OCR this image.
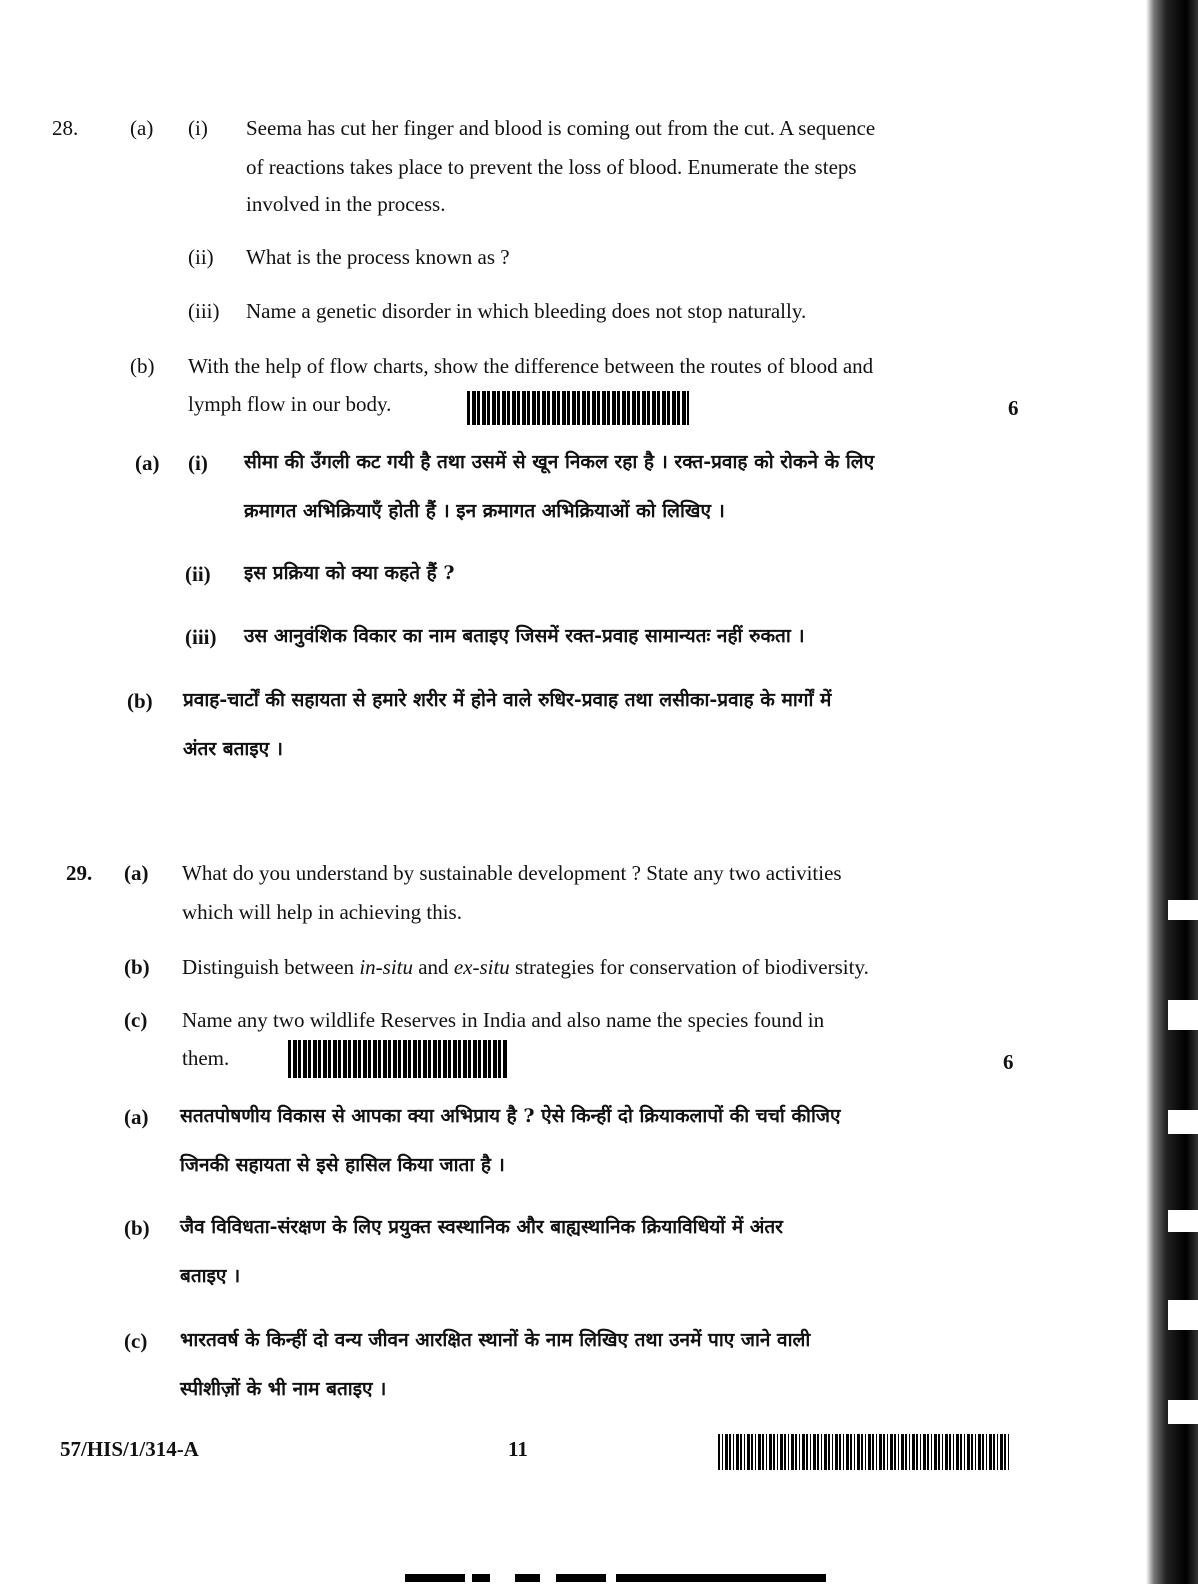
28. (a) (i) Seema has cut her finger and blood is coming out from the cut. A sequence
of reactions takes place to prevent the loss of blood. Enumerate the steps
involved in the process.
(ii) What is the process known as ?
(iii) Name a genetic disorder in which bleeding does not stop naturally.
(b) With the help of flow charts, show the difference between the routes of blood and
lymph flow in our body.	6
(a) (i) सीमा की उँगली कट गयी है तथा उसमें से खून निकल रहा है । रक्त-प्रवाह को रोकने के लिए
क्रमागत अभिक्रियाएँ होती हैं । इन क्रमागत अभिक्रियाओं को लिखिए ।
(ii) इस प्रक्रिया को क्या कहते हैं ?
(iii) उस आनुवंशिक विकार का नाम बताइए जिसमें रक्त-प्रवाह सामान्यतः नहीं रुकता ।
(b) प्रवाह-चार्टों की सहायता से हमारे शरीर में होने वाले रुधिर-प्रवाह तथा लसीका-प्रवाह के मार्गों में
अंतर बताइए ।
29. (a) What do you understand by sustainable development ? State any two activities
which will help in achieving this.
(b) Distinguish between in-situ and ex-situ strategies for conservation of biodiversity.
(c) Name any two wildlife Reserves in India and also name the species found in
them.	6
(a) सततपोषणीय विकास से आपका क्या अभिप्राय है ? ऐसे किन्हीं दो क्रियाकलापों की चर्चा कीजिए
जिनकी सहायता से इसे हासिल किया जाता है ।
(b) जैव विविधता-संरक्षण के लिए प्रयुक्त स्वस्थानिक और बाह्यस्थानिक क्रियाविधियों में अंतर
बताइए ।
(c) भारतवर्ष के किन्हीं दो वन्य जीवन आरक्षित स्थानों के नाम लिखिए तथा उनमें पाए जाने वाली
स्पीशीज़ों के भी नाम बताइए ।
57/HIS/1/314-A	11
